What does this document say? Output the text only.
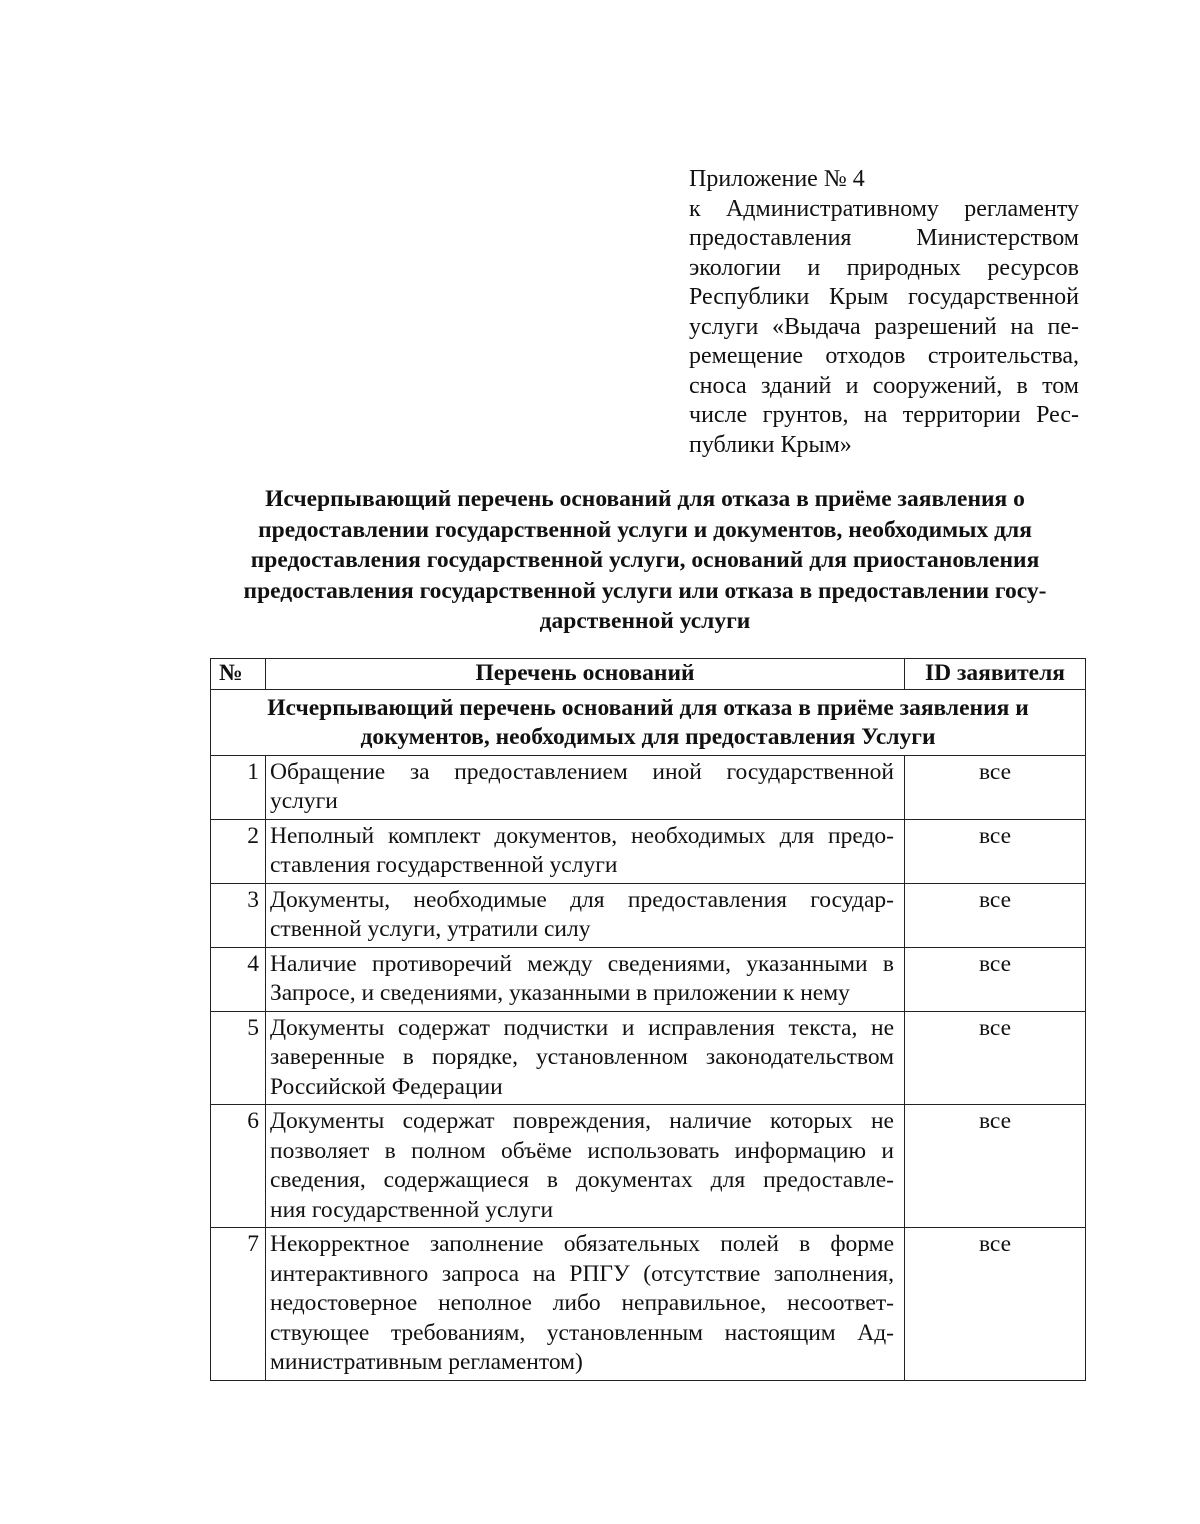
Приложение № 4
к Административному регламенту
предоставления Министерством
экологии и природных ресурсов
Республики Крым государственной
услуги «Выдача разрешений на пе-
ремещение отходов строительства,
сноса зданий и сооружений, в том
числе грунтов, на территории Рес-
публики Крым»
Исчерпывающий перечень оснований для отказа в приёме заявления о
предоставлении государственной услуги и документов, необходимых для
предоставления государственной услуги, оснований для приостановления
предоставления государственной услуги или отказа в предоставлении госу-
дарственной услуги
№	Перечень оснований	ID заявителя

Исчерпывающий перечень оснований для отказа в приёме заявления и
документов, необходимых для предоставления Услуги		

1	Обращение за предоставлением иной государственной
услуги	все
2	Неполный комплект документов, необходимых для предо-
ставления государственной услуги	все
3	Документы, необходимые для предоставления государ-
ственной услуги, утратили силу	все
4	Наличие противоречий между сведениями, указанными в
Запросе, и сведениями, указанными в приложении к нему	все
5	Документы содержат подчистки и исправления текста, не
заверенные в порядке, установленном законодательством
Российской Федерации	все
6	Документы содержат повреждения, наличие которых не
позволяет в полном объёме использовать информацию и
сведения, содержащиеся в документах для предоставле-
ния государственной услуги	все
7	Некорректное заполнение обязательных полей в форме
интерактивного запроса на РПГУ (отсутствие заполнения,
недостоверное неполное либо неправильное, несоответ-
ствующее требованиям, установленным настоящим Ад-
министративным регламентом)	все
